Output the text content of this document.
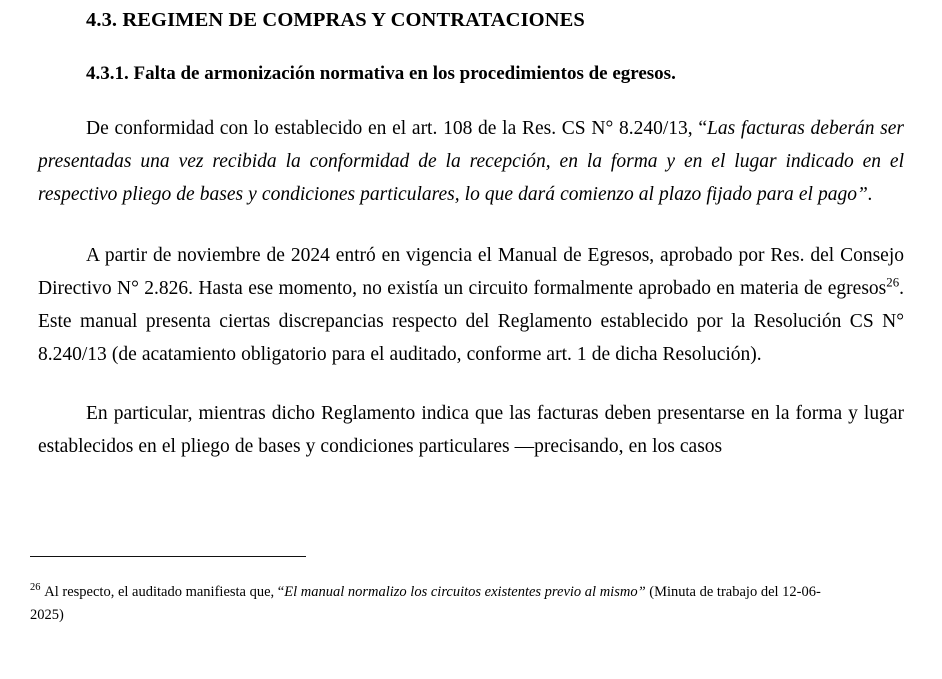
4.3. REGIMEN DE COMPRAS Y CONTRATACIONES
4.3.1. Falta de armonización normativa en los procedimientos de egresos.

De conformidad con lo establecido en el art. 108 de la Res. CS N° 8.240/13, “Las facturas deberán ser presentadas una vez recibida la conformidad de la recepción, en la forma y en el lugar indicado en el respectivo pliego de bases y condiciones particulares, lo que dará comienzo al plazo fijado para el pago”.

A partir de noviembre de 2024 entró en vigencia el Manual de Egresos, aprobado por Res. del Consejo Directivo N° 2.826. Hasta ese momento, no existía un circuito formalmente aprobado en materia de egresos$^{26}$. Este manual presenta ciertas discrepancias respecto del Reglamento establecido por la Resolución CS N° 8.240/13 (de acatamiento obligatorio para el auditado, conforme art. 1 de dicha Resolución).

En particular, mientras dicho Reglamento indica que las facturas deben presentarse en la forma y lugar establecidos en el pliego de bases y condiciones particulares —precisando, en los casos

$^{26}$ Al respecto, el auditado manifiesta que, “El manual normalizo los circuitos existentes previo al mismo” (Minuta de trabajo del 12-06-2025)
